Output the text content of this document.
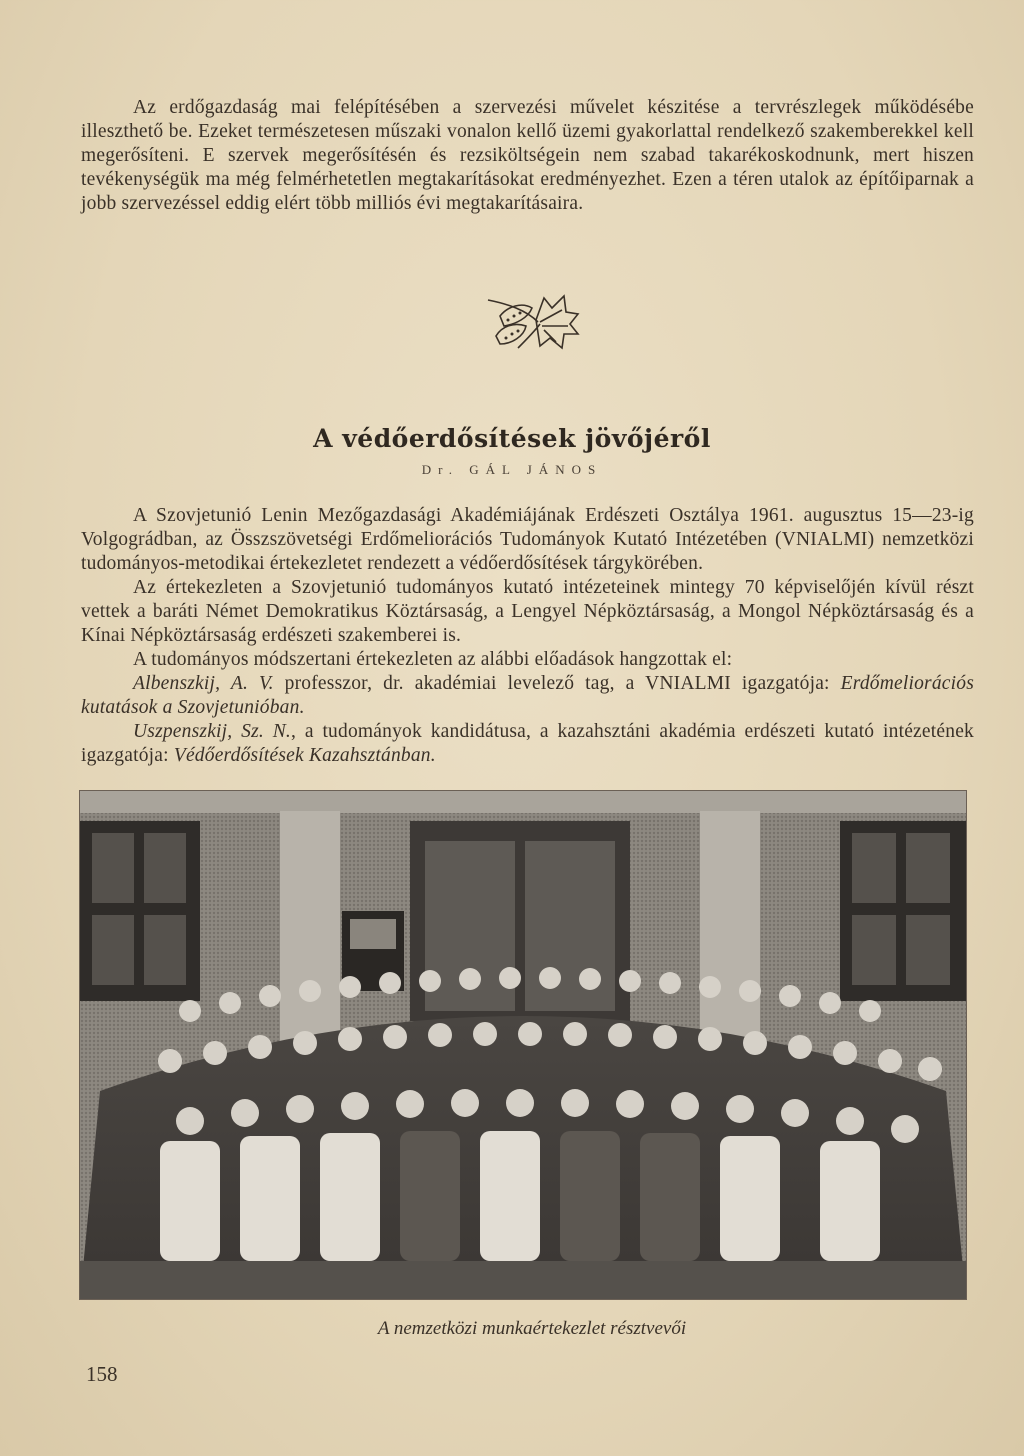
Az erdőgazdaság mai felépítésében a szervezési művelet készitése a tervrészlegek működésébe illeszthető be. Ezeket természetesen műszaki vonalon kellő üzemi gyakorlattal rendelkező szakemberekkel kell megerősíteni. E szervek megerősítésén és rezsiköltségein nem szabad takarékoskodnunk, mert hiszen tevékenységük ma még felmérhetetlen megtakarításokat eredményezhet. Ezen a téren utalok az építőiparnak a jobb szervezéssel eddig elért több milliós évi megtakarításaira.

A védőerdősítések jövőjéről
Dr. GÁL JÁNOS

A Szovjetunió Lenin Mezőgazdasági Akadémiájának Erdészeti Osztálya 1961. augusztus 15—23-ig Volgográdban, az Összszövetségi Erdőmeliorációs Tudományok Kutató Intézetében (VNIALMI) nemzetközi tudományos-metodikai értekezletet rendezett a védőerdősítések tárgykörében.

Az értekezleten a Szovjetunió tudományos kutató intézeteinek mintegy 70 képviselőjén kívül részt vettek a baráti Német Demokratikus Köztársaság, a Lengyel Népköztársaság, a Mongol Népköztársaság és a Kínai Népköztársaság erdészeti szakemberei is.

A tudományos módszertani értekezleten az alábbi előadások hangzottak el:

Albenszkij, A. V. professzor, dr. akadémiai levelező tag, a VNIALMI igazgatója: Erdőmeliorációs kutatások a Szovjetunióban.

Uszpenszkij, Sz. N., a tudományok kandidátusa, a kazahsztáni akadémia erdészeti kutató intézetének igazgatója: Védőerdősítések Kazahsztánban.

A nemzetközi munkaértekezlet résztvevői
158
